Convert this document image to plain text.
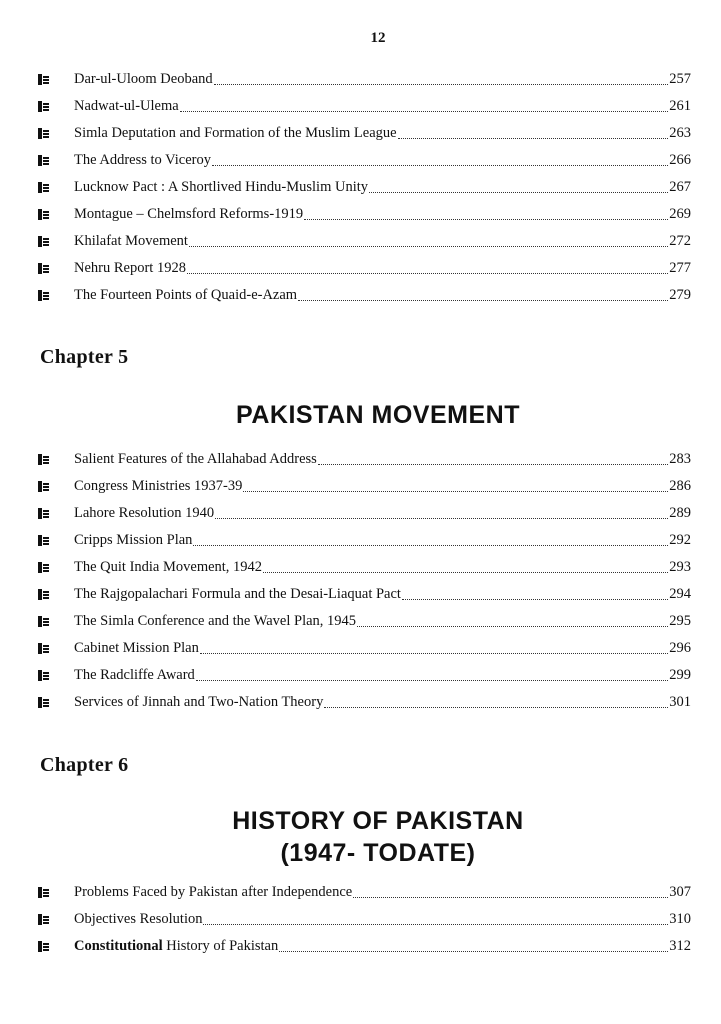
12
Dar-ul-Uloom Deoband	257
Nadwat-ul-Ulema	261
Simla Deputation and Formation of the Muslim League	263
The Address to Viceroy	266
Lucknow Pact : A Shortlived Hindu-Muslim Unity	267
Montague – Chelmsford Reforms-1919	269
Khilafat Movement	272
Nehru Report 1928	277
The Fourteen Points of Quaid-e-Azam	279
Chapter 5
PAKISTAN MOVEMENT
Salient Features of the Allahabad Address	283
Congress Ministries 1937-39	286
Lahore Resolution 1940	289
Cripps Mission Plan	292
The Quit India Movement, 1942	293
The Rajgopalachari Formula and the Desai-Liaquat Pact	294
The Simla Conference and the Wavel Plan, 1945	295
Cabinet Mission Plan	296
The Radcliffe Award	299
Services of Jinnah and Two-Nation Theory	301
Chapter 6
HISTORY OF PAKISTAN
(1947- TODATE)
Problems Faced by Pakistan after Independence	307
Objectives Resolution	310
Constitutional History of Pakistan	312
